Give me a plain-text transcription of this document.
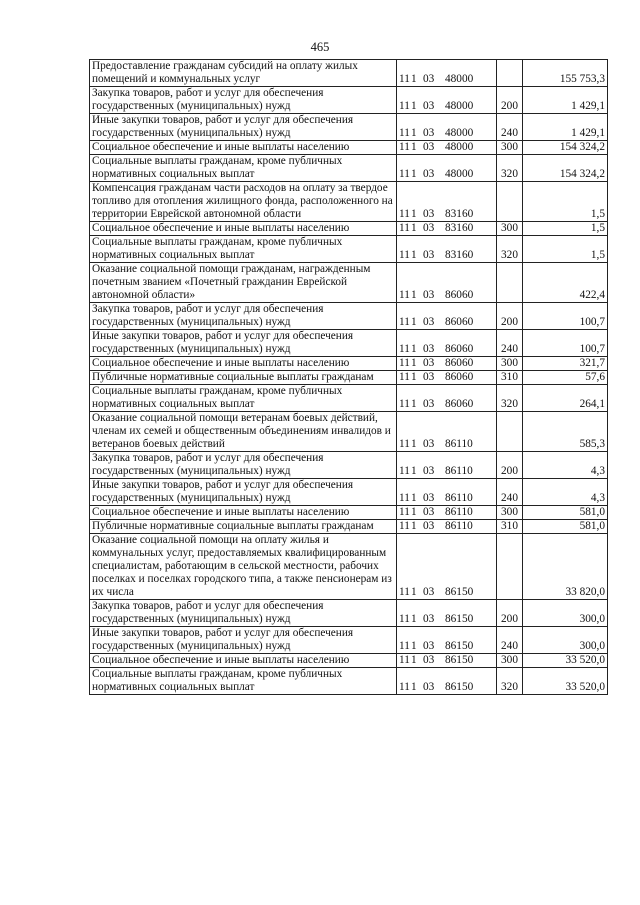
465
Предоставление гражданам субсидий на оплату жилых помещений и коммунальных услуг	111 03 48000		155 753,3
Закупка товаров, работ и услуг для обеспечения государственных (муниципальных) нужд	111 03 48000	200	1 429,1
Иные закупки товаров, работ и услуг для обеспечения государственных (муниципальных) нужд	111 03 48000	240	1 429,1
Социальное обеспечение и иные выплаты населению	111 03 48000	300	154 324,2
Социальные выплаты гражданам, кроме публичных нормативных социальных выплат	111 03 48000	320	154 324,2
Компенсация гражданам части расходов на оплату за твердое топливо для отопления жилищного фонда, расположенного на территории Еврейской автономной области	111 03 83160		1,5
Социальное обеспечение и иные выплаты населению	111 03 83160	300	1,5
Социальные выплаты гражданам, кроме публичных нормативных социальных выплат	111 03 83160	320	1,5
Оказание социальной помощи гражданам, награжденным почетным званием «Почетный гражданин Еврейской автономной области»	111 03 86060		422,4
Закупка товаров, работ и услуг для обеспечения государственных (муниципальных) нужд	111 03 86060	200	100,7
Иные закупки товаров, работ и услуг для обеспечения государственных (муниципальных) нужд	111 03 86060	240	100,7
Социальное обеспечение и иные выплаты населению	111 03 86060	300	321,7
Публичные нормативные социальные выплаты гражданам	111 03 86060	310	57,6
Социальные выплаты гражданам, кроме публичных нормативных социальных выплат	111 03 86060	320	264,1
Оказание социальной помощи ветеранам боевых действий, членам их семей и общественным объединениям инвалидов и ветеранов боевых действий	111 03 86110		585,3
Закупка товаров, работ и услуг для обеспечения государственных (муниципальных) нужд	111 03 86110	200	4,3
Иные закупки товаров, работ и услуг для обеспечения государственных (муниципальных) нужд	111 03 86110	240	4,3
Социальное обеспечение и иные выплаты населению	111 03 86110	300	581,0
Публичные нормативные социальные выплаты гражданам	111 03 86110	310	581,0
Оказание социальной помощи на оплату жилья и коммунальных услуг, предоставляемых квалифицированным специалистам, работающим в сельской местности, рабочих поселках и поселках городского типа, а также пенсионерам из их числа	111 03 86150		33 820,0
Закупка товаров, работ и услуг для обеспечения государственных (муниципальных) нужд	111 03 86150	200	300,0
Иные закупки товаров, работ и услуг для обеспечения государственных (муниципальных) нужд	111 03 86150	240	300,0
Социальное обеспечение и иные выплаты населению	111 03 86150	300	33 520,0
Социальные выплаты гражданам, кроме публичных нормативных социальных выплат	111 03 86150	320	33 520,0
